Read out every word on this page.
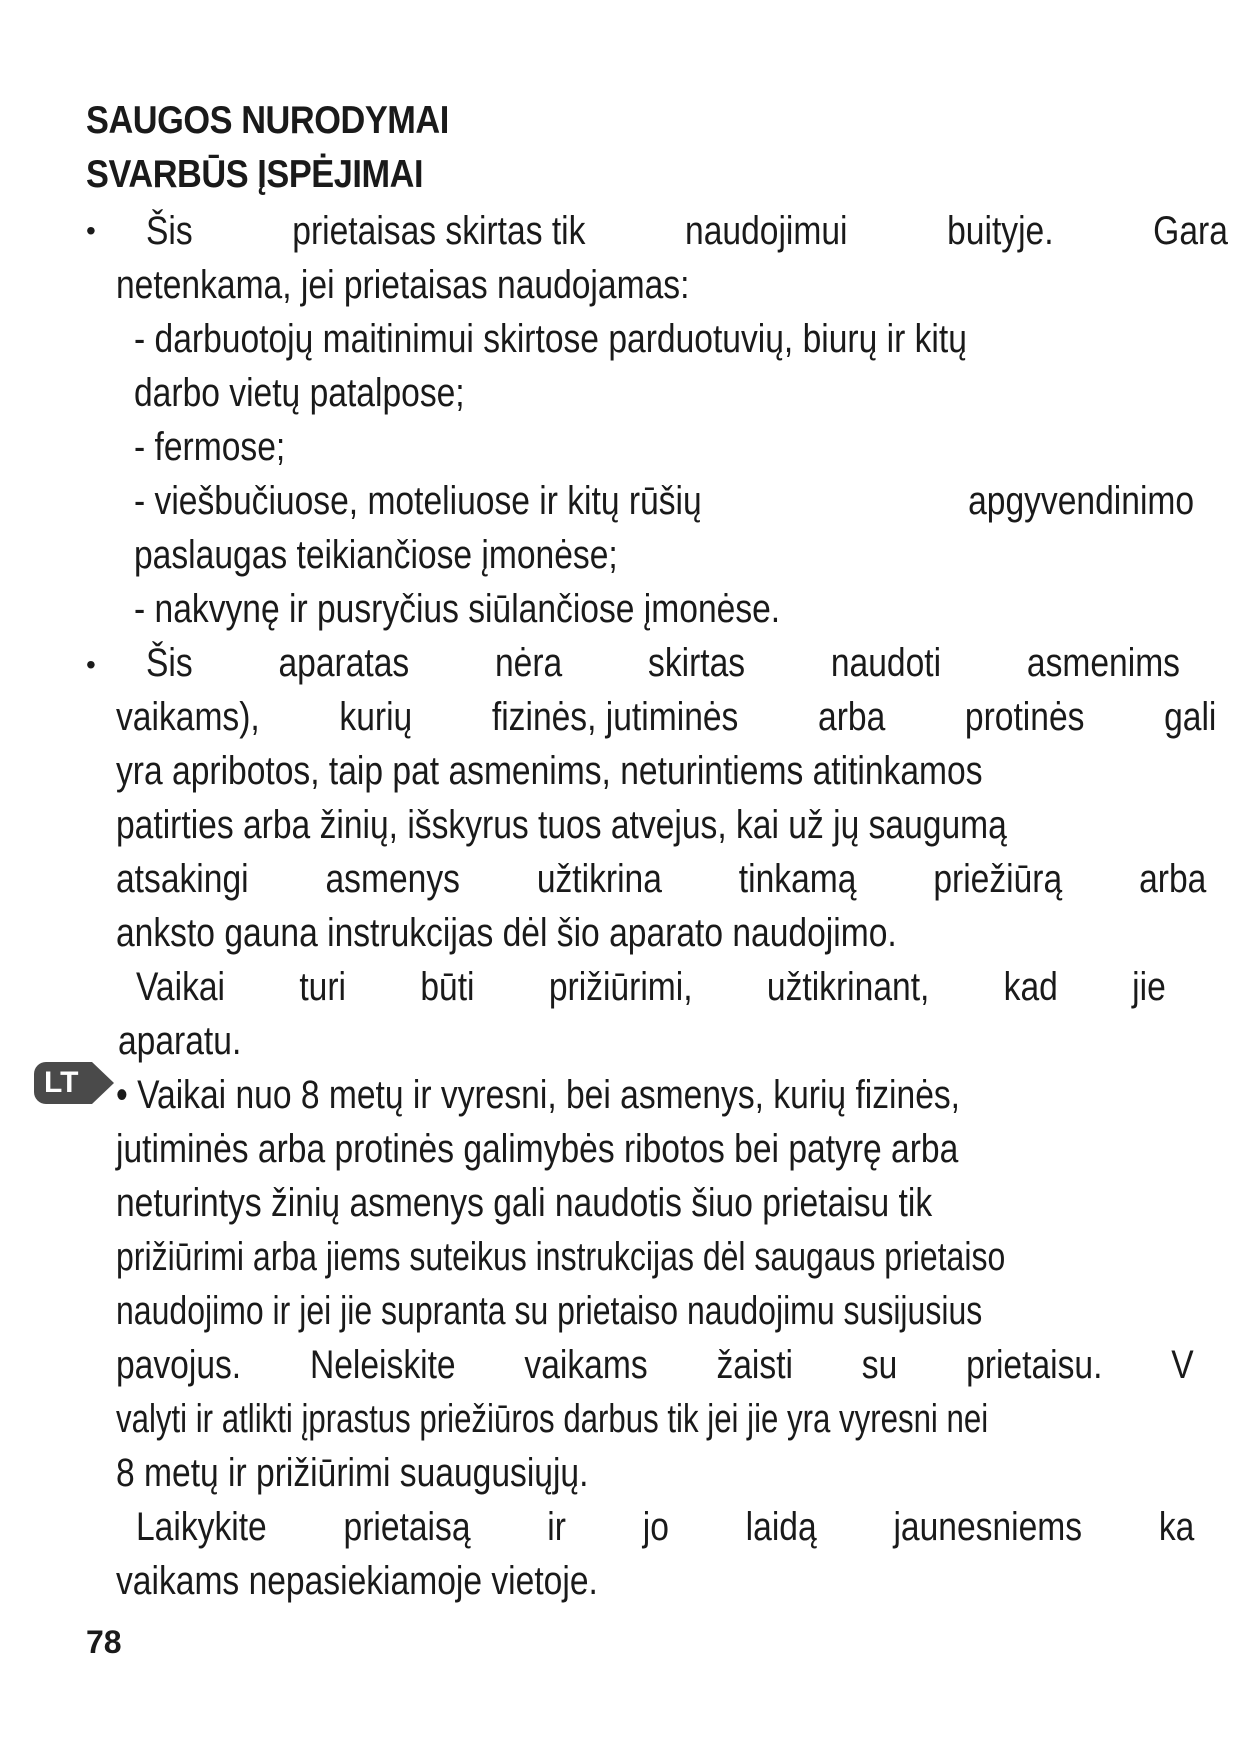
SAUGOS NURODYMAI
SVARBŪS ĮSPĖJIMAI
• Šis prietaisas skirtas tik naudojimui buityje. Gara
netenkama, jei prietaisas naudojamas:
- darbuotojų maitinimui skirtose parduotuvių, biurų ir kitų
darbo vietų patalpose;
- fermose;
- viešbučiuose, moteliuose ir kitų rūšių	apgyvendinimo
paslaugas teikiančiose įmonėse;
- nakvynę ir pusryčius siūlančiose įmonėse.
• Šis aparatas nėra skirtas naudoti asmenims
vaikams), kurių fizinės, jutiminės arba protinės gali
yra apribotos, taip pat asmenims, neturintiems atitinkamos
patirties arba žinių, išskyrus tuos atvejus, kai už jų saugumą
atsakingi asmenys užtikrina tinkamą priežiūrą arba
anksto gauna instrukcijas dėl šio aparato naudojimo.
Vaikai turi būti prižiūrimi, užtikrinant, kad jie
aparatu.
LT • Vaikai nuo 8 metų ir vyresni, bei asmenys, kurių fizinės,
jutiminės arba protinės galimybės ribotos bei patyrę arba
neturintys žinių asmenys gali naudotis šiuo prietaisu tik
prižiūrimi arba jiems suteikus instrukcijas dėl saugaus prietaiso
naudojimo ir jei jie supranta su prietaiso naudojimu susijusius
pavojus. Neleiskite vaikams žaisti su prietaisu. V
valyti ir atlikti įprastus priežiūros darbus tik jei jie yra vyresni nei
8 metų ir prižiūrimi suaugusiųjų.
Laikykite prietaisą ir jo laidą jaunesniems ka
vaikams nepasiekiamoje vietoje.
78
